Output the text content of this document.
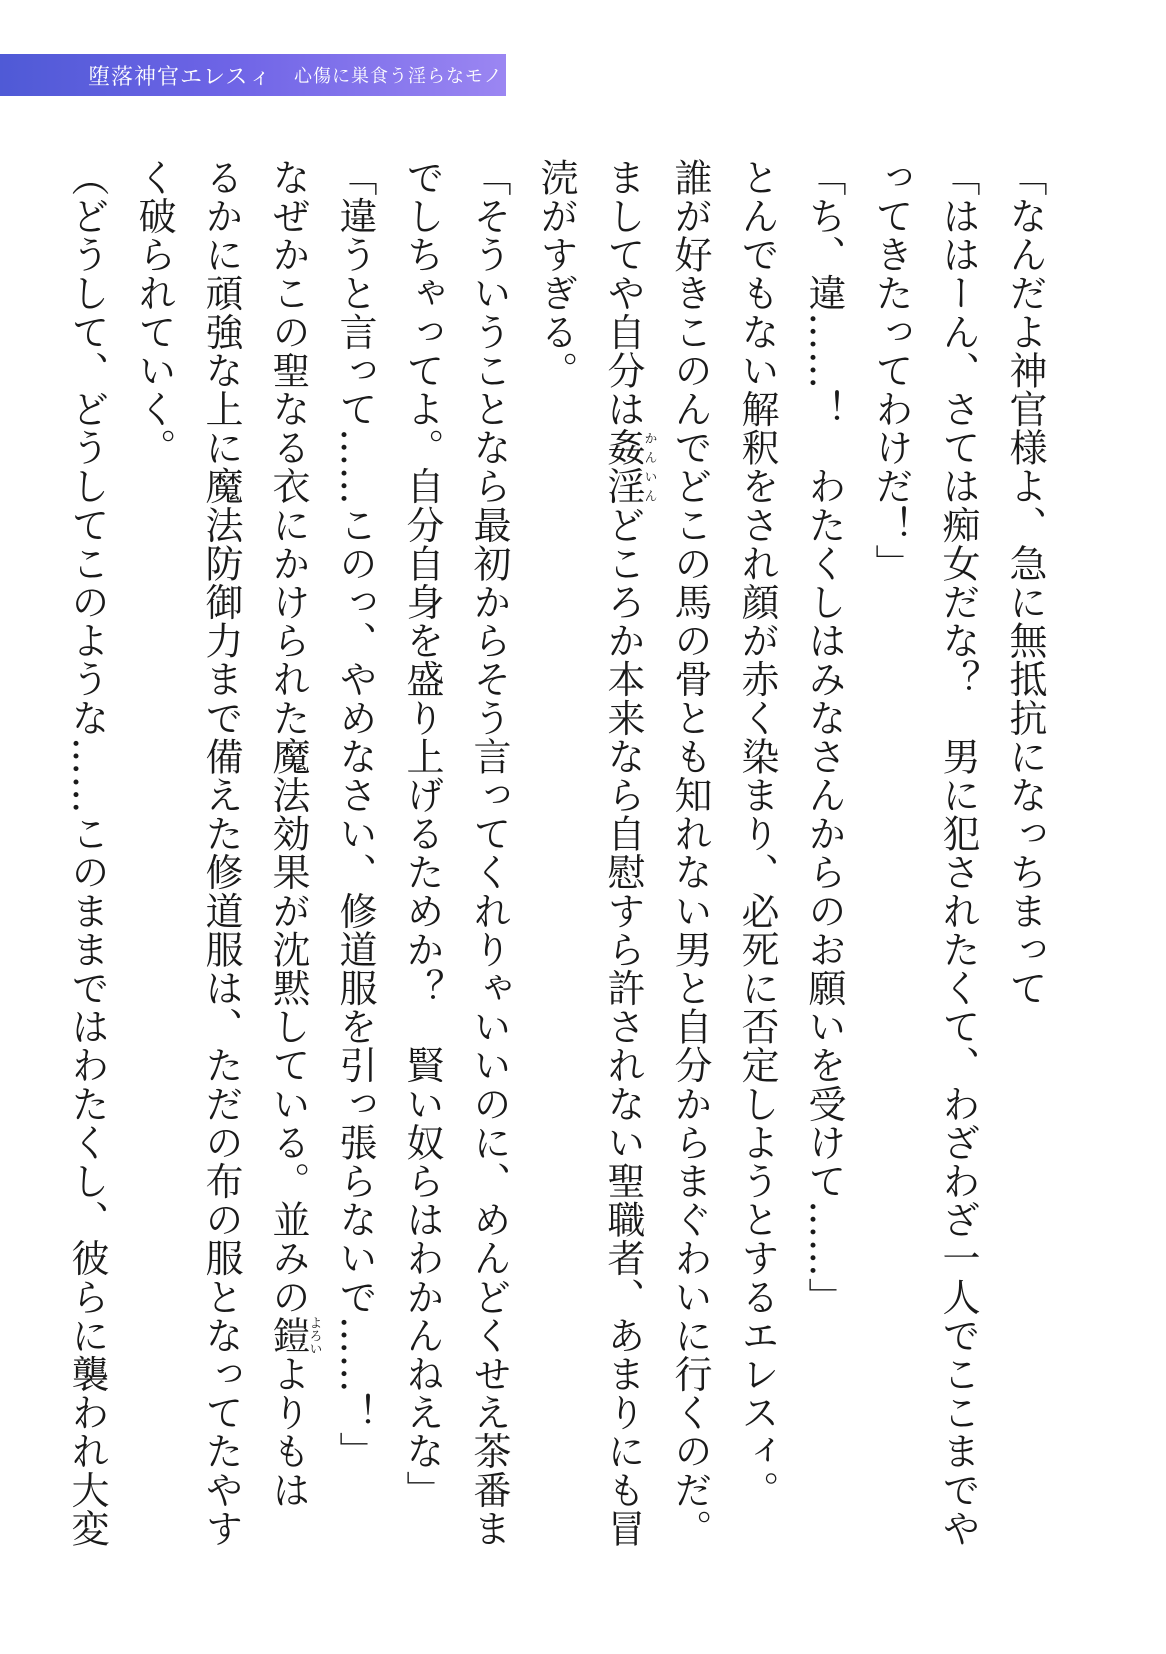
堕落神官エレスィ 心傷に巣食う淫らなモノ

「なんだよ神官様よ、急に無抵抗になっちまって

「ははーん、さては痴女だな？　男に犯されたくて、わざわざ一人でここまでや

ってきたってわけだ！」

「ち、違……！　わたくしはみなさんからのお願いを受けて……」

とんでもない解釈をされ顔が赤く染まり、必死に否定しようとするエレスィ。

誰が好きこのんでどこの馬の骨とも知れない男と自分からまぐわいに行くのだ。

ましてや自分は姦淫かんいんどころか本来なら自慰すら許されない聖職者、あまりにも冒

涜がすぎる。

「そういうことなら最初からそう言ってくれりゃいいのに、めんどくせえ茶番ま

でしちゃってよ。自分自身を盛り上げるためか？　賢い奴らはわかんねえな」

「違うと言って……このっ、やめなさい、修道服を引っ張らないで……！」

なぜかこの聖なる衣にかけられた魔法効果が沈黙している。並みの鎧よろいよりもは

るかに頑強な上に魔法防御力まで備えた修道服は、ただの布の服となってたやす

く破られていく。

（どうして、どうしてこのような……このままではわたくし、彼らに襲われ大変
